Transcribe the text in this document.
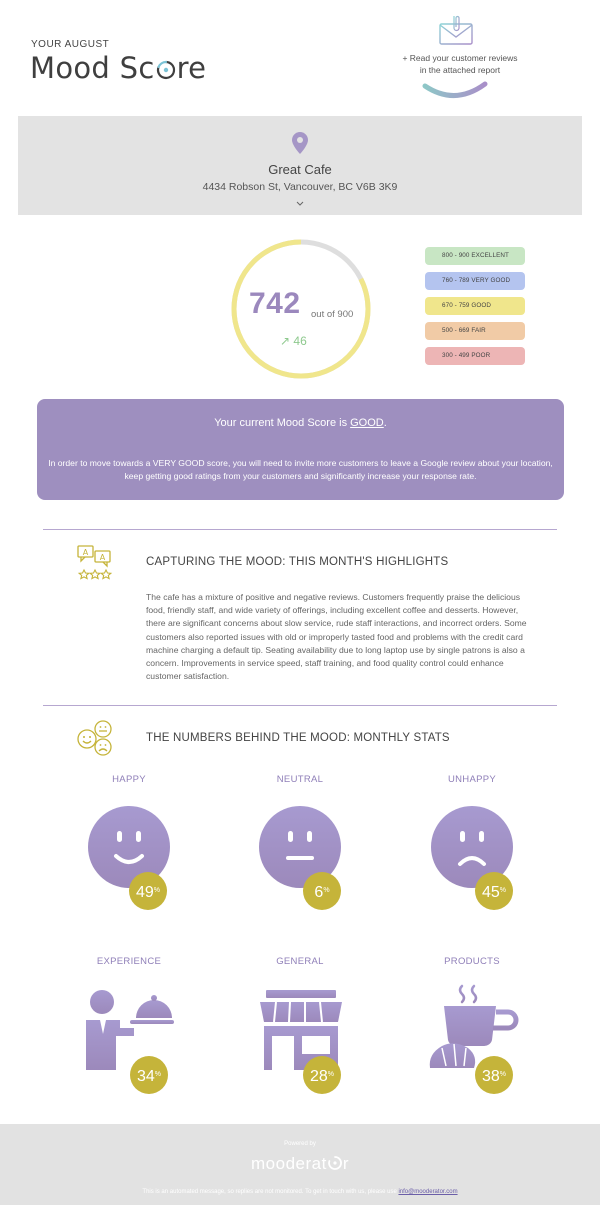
YOUR AUGUST
Mood Sc re	+ Read your customer reviews
in the attached report
Great Cafe
4434 Robson St, Vancouver, BC V6B 3K9
742 out of 900
↗ 46
800 - 900 EXCELLENT
760 - 789 VERY GOOD
670 - 759 GOOD
500 - 669 FAIR
300 - 499 POOR
Your current Mood Score is GOOD.
In order to move towards a VERY GOOD score, you will need to invite more customers to leave a Google review about your location, keep getting good ratings from your customers and significantly increase your response rate.
A
A	CAPTURING THE MOOD: THIS MONTH'S HIGHLIGHTS
The cafe has a mixture of positive and negative reviews. Customers frequently praise the delicious food, friendly staff, and wide variety of offerings, including excellent coffee and desserts. However, there are significant concerns about slow service, rude staff interactions, and incorrect orders. Some customers also reported issues with old or improperly tasted food and problems with the credit card machine charging a default tip. Seating availability due to long laptop use by single patrons is also a concern. Improvements in service speed, staff training, and food quality control could enhance customer satisfaction.
THE NUMBERS BEHIND THE MOOD: MONTHLY STATS
HAPPY
49%
NEUTRAL
6%
UNHAPPY
45%
EXPERIENCE
34%
GENERAL
28%
PRODUCTS
38%
Powered by
mooderat r
This is an automated message, so replies are not monitored. To get in touch with us, please use info@mooderator.com
